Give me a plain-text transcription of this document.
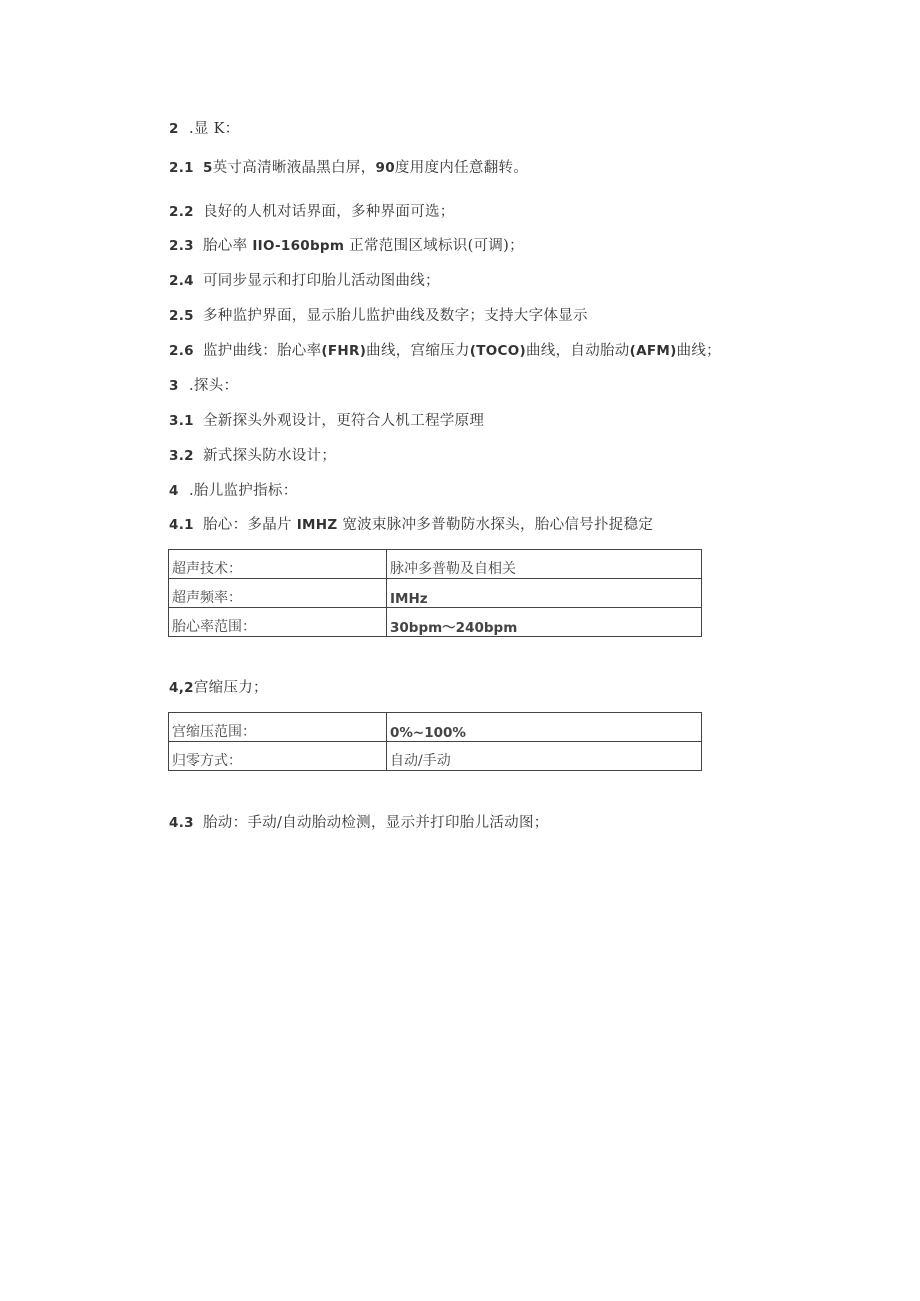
2 .显 K：
2.1 5英寸高清晰液晶黑白屏，90度用度内任意翻转。
2.2 良好的人机对话界面，多种界面可选；
2.3 胎心率 IIO-160bpm 正常范围区域标识(可调)；
2.4 可同步显示和打印胎儿活动图曲线；
2.5 多种监护界面，显示胎儿监护曲线及数字；支持大字体显示
2.6 监护曲线：胎心率(FHR)曲线，宫缩压力(TOCO)曲线，自动胎动(AFM)曲线；
3 .探头：
3.1 全新探头外观设计，更符合人机工程学原理
3.2 新式探头防水设计；
4 .胎儿监护指标：
4.1 胎心：多晶片 IMHZ 宽波束脉冲多普勒防水探头，胎心信号扑捉稳定
超声技术：	脉冲多普勒及自相关
超声频率：	IMHz
胎心率范围：	30bpm〜240bpm
4,2宫缩压力；
宫缩压范围：	0%~100%
归零方式：	自动/手动
4.3 胎动：手动/自动胎动检测，显示并打印胎儿活动图；
